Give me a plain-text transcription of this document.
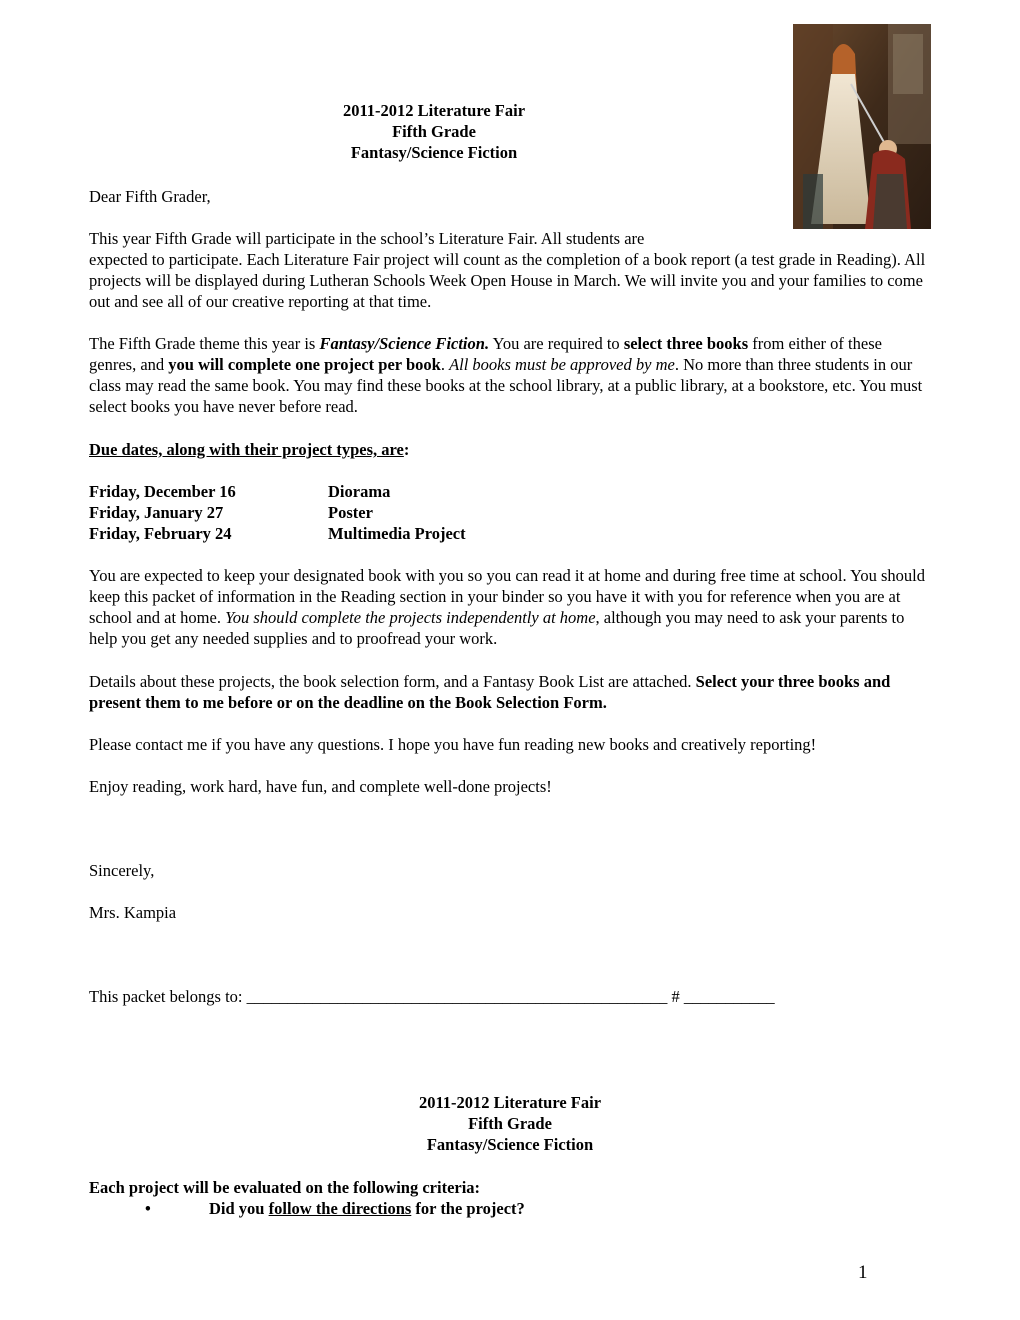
2011-2012 Literature Fair
Fifth Grade
Fantasy/Science Fiction

Dear Fifth Grader,

This year Fifth Grade will participate in the school’s Literature Fair. All students are
expected to participate. Each Literature Fair project will count as the completion of a book report (a test grade in Reading). All projects will be displayed during Lutheran Schools Week Open House in March. We will invite you and your families to come out and see all of our creative reporting at that time.

The Fifth Grade theme this year is Fantasy/Science Fiction. You are required to select three books from either of these genres, and you will complete one project per book. All books must be approved by me. No more than three students in our class may read the same book. You may find these books at the school library, at a public library, at a bookstore, etc. You must select books you have never before read.

Due dates, along with their project types, are:

Friday, December 16	Diorama
Friday, January 27	Poster
Friday, February 24	Multimedia Project

You are expected to keep your designated book with you so you can read it at home and during free time at school. You should keep this packet of information in the Reading section in your binder so you have it with you for reference when you are at school and at home. You should complete the projects independently at home, although you may need to ask your parents to help you get any needed supplies and to proofread your work.

Details about these projects, the book selection form, and a Fantasy Book List are attached. Select your three books and present them to me before or on the deadline on the Book Selection Form.

Please contact me if you have any questions. I hope you have fun reading new books and creatively reporting!

Enjoy reading, work hard, have fun, and complete well-done projects!

Sincerely,

Mrs. Kampia

This packet belongs to: ___________________________________________________ # ___________

2011-2012 Literature Fair
Fifth Grade
Fantasy/Science Fiction

Each project will be evaluated on the following criteria:

•	Did you follow the directions for the project?
1
